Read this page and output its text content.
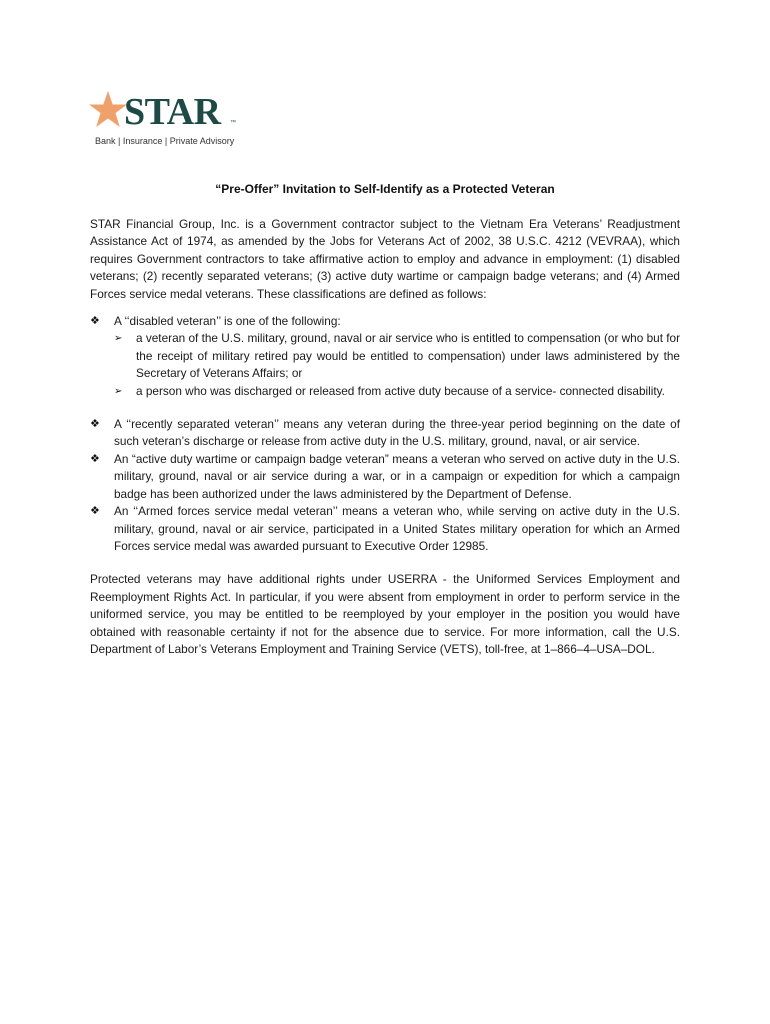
STAR ™
Bank | Insurance | Private Advisory
“Pre-Offer” Invitation to Self-Identify as a Protected Veteran

STAR Financial Group, Inc. is a Government contractor subject to the Vietnam Era Veterans’ Readjustment Assistance Act of 1974, as amended by the Jobs for Veterans Act of 2002, 38 U.S.C. 4212 (VEVRAA), which requires Government contractors to take affirmative action to employ and advance in employment: (1) disabled veterans; (2) recently separated veterans; (3) active duty wartime or campaign badge veterans; and (4) Armed Forces service medal veterans. These classifications are defined as follows:

❖ A ‘‘disabled veteran’’ is one of the following:
➢ a veteran of the U.S. military, ground, naval or air service who is entitled to compensation (or who but for the receipt of military retired pay would be entitled to compensation) under laws administered by the Secretary of Veterans Affairs; or
➢ a person who was discharged or released from active duty because of a service- connected disability.
❖ A ‘‘recently separated veteran’’ means any veteran during the three-year period beginning on the date of such veteran’s discharge or release from active duty in the U.S. military, ground, naval, or air service.
❖ An “active duty wartime or campaign badge veteran” means a veteran who served on active duty in the U.S. military, ground, naval or air service during a war, or in a campaign or expedition for which a campaign badge has been authorized under the laws administered by the Department of Defense.
❖ An ‘‘Armed forces service medal veteran’’ means a veteran who, while serving on active duty in the U.S. military, ground, naval or air service, participated in a United States military operation for which an Armed Forces service medal was awarded pursuant to Executive Order 12985.

Protected veterans may have additional rights under USERRA - the Uniformed Services Employment and Reemployment Rights Act. In particular, if you were absent from employment in order to perform service in the uniformed service, you may be entitled to be reemployed by your employer in the position you would have obtained with reasonable certainty if not for the absence due to service. For more information, call the U.S. Department of Labor’s Veterans Employment and Training Service (VETS), toll-free, at 1–866–4–USA–DOL.
